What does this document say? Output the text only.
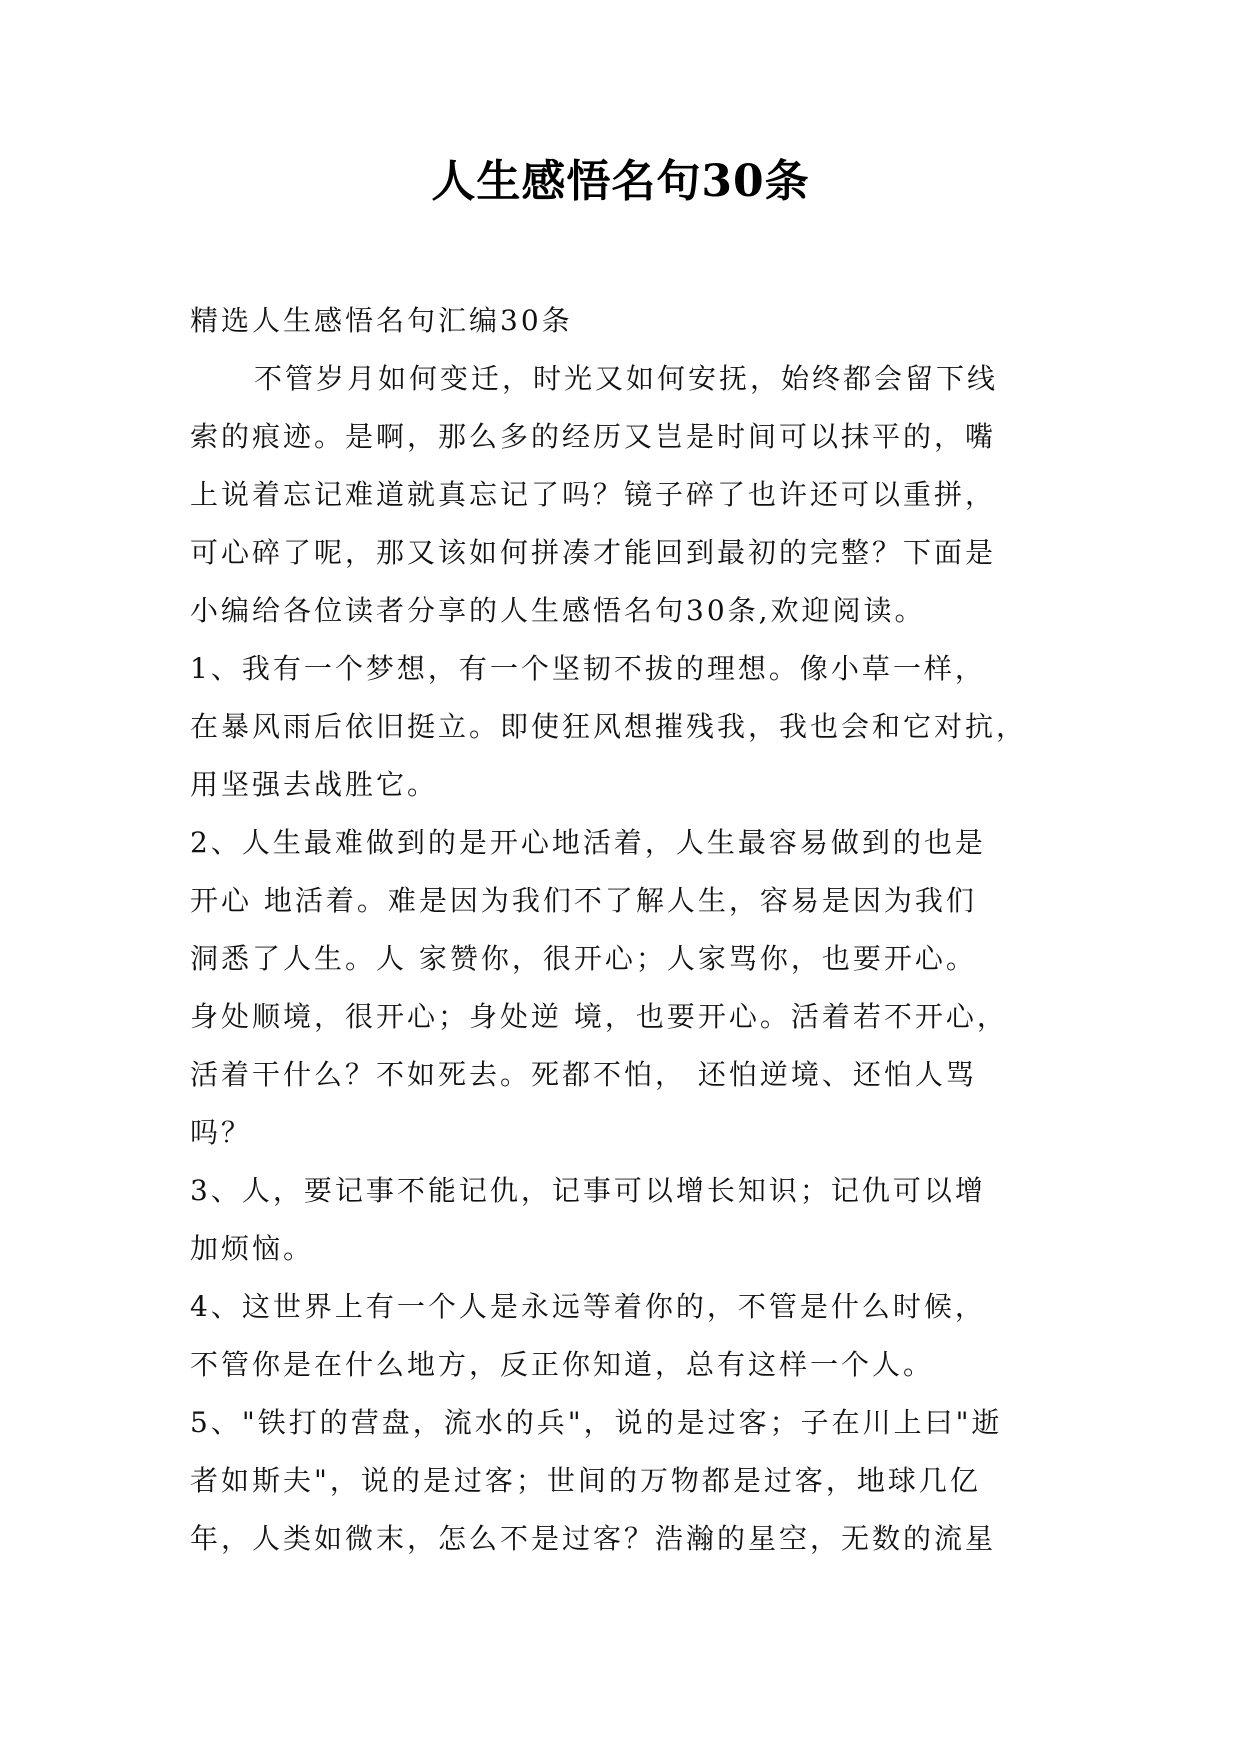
人生感悟名句30条
精选人生感悟名句汇编30条
不管岁月如何变迁，时光又如何安抚，始终都会留下线
索的痕迹。是啊，那么多的经历又岂是时间可以抹平的，嘴
上说着忘记难道就真忘记了吗？镜子碎了也许还可以重拼，
可心碎了呢，那又该如何拼凑才能回到最初的完整？下面是
小编给各位读者分享的人生感悟名句30条,欢迎阅读。
1、我有一个梦想，有一个坚韧不拔的理想。像小草一样，
在暴风雨后依旧挺立。即使狂风想摧残我，我也会和它对抗，
用坚强去战胜它。
2、人生最难做到的是开心地活着，人生最容易做到的也是
开心 地活着。难是因为我们不了解人生，容易是因为我们
洞悉了人生。人 家赞你，很开心；人家骂你，也要开心。
身处顺境，很开心；身处逆 境，也要开心。活着若不开心，
活着干什么？不如死去。死都不怕， 还怕逆境、还怕人骂
吗？
3、人，要记事不能记仇，记事可以增长知识；记仇可以增
加烦恼。
4、这世界上有一个人是永远等着你的，不管是什么时候，
不管你是在什么地方，反正你知道，总有这样一个人。
5、"铁打的营盘，流水的兵"，说的是过客；子在川上曰"逝
者如斯夫"，说的是过客；世间的万物都是过客，地球几亿
年，人类如微末，怎么不是过客？浩瀚的星空，无数的流星
